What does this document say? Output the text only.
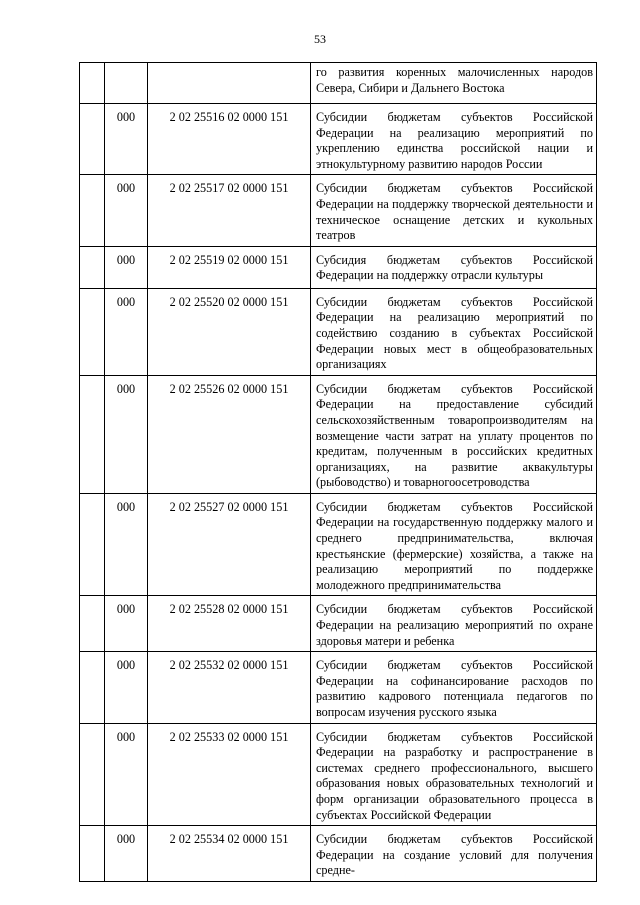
53
			го развития коренных малочисленных народов Севера, Сибири и Дальнего Востока
	000	2 02 25516 02 0000 151	Субсидии бюджетам субъектов Российской Федерации на реализацию мероприятий по укреплению единства российской нации и этнокультурному развитию народов России
	000	2 02 25517 02 0000 151	Субсидии бюджетам субъектов Российской Федерации на поддержку творческой деятельности и техническое оснащение детских и кукольных театров
	000	2 02 25519 02 0000 151	Субсидия бюджетам субъектов Российской Федерации на поддержку отрасли культуры
	000	2 02 25520 02 0000 151	Субсидии бюджетам субъектов Российской Федерации на реализацию мероприятий по содействию созданию в субъектах Российской Федерации новых мест в общеобразовательных организациях
	000	2 02 25526 02 0000 151	Субсидии бюджетам субъектов Российской Федерации на предоставление субсидий сельскохозяйственным товаропроизводителям на возмещение части затрат на уплату процентов по кредитам, полученным в российских кредитных организациях, на развитие аквакультуры (рыбоводство) и товарногоосетроводства
	000	2 02 25527 02 0000 151	Субсидии бюджетам субъектов Российской Федерации на государственную поддержку малого и среднего предпринимательства, включая крестьянские (фермерские) хозяйства, а также на реализацию мероприятий по поддержке молодежного предпринимательства
	000	2 02 25528 02 0000 151	Субсидии бюджетам субъектов Российской Федерации на реализацию мероприятий по охране здоровья матери и ребенка
	000	2 02 25532 02 0000 151	Субсидии бюджетам субъектов Российской Федерации на софинансирование расходов по развитию кадрового потенциала педагогов по вопросам изучения русского языка
	000	2 02 25533 02 0000 151	Субсидии бюджетам субъектов Российской Федерации на разработку и распространение в системах среднего профессионального, высшего образования новых образовательных технологий и форм организации образовательного процесса в субъектах Российской Федерации
	000	2 02 25534 02 0000 151	Субсидии бюджетам субъектов Российской Федерации на создание условий для получения средне-
